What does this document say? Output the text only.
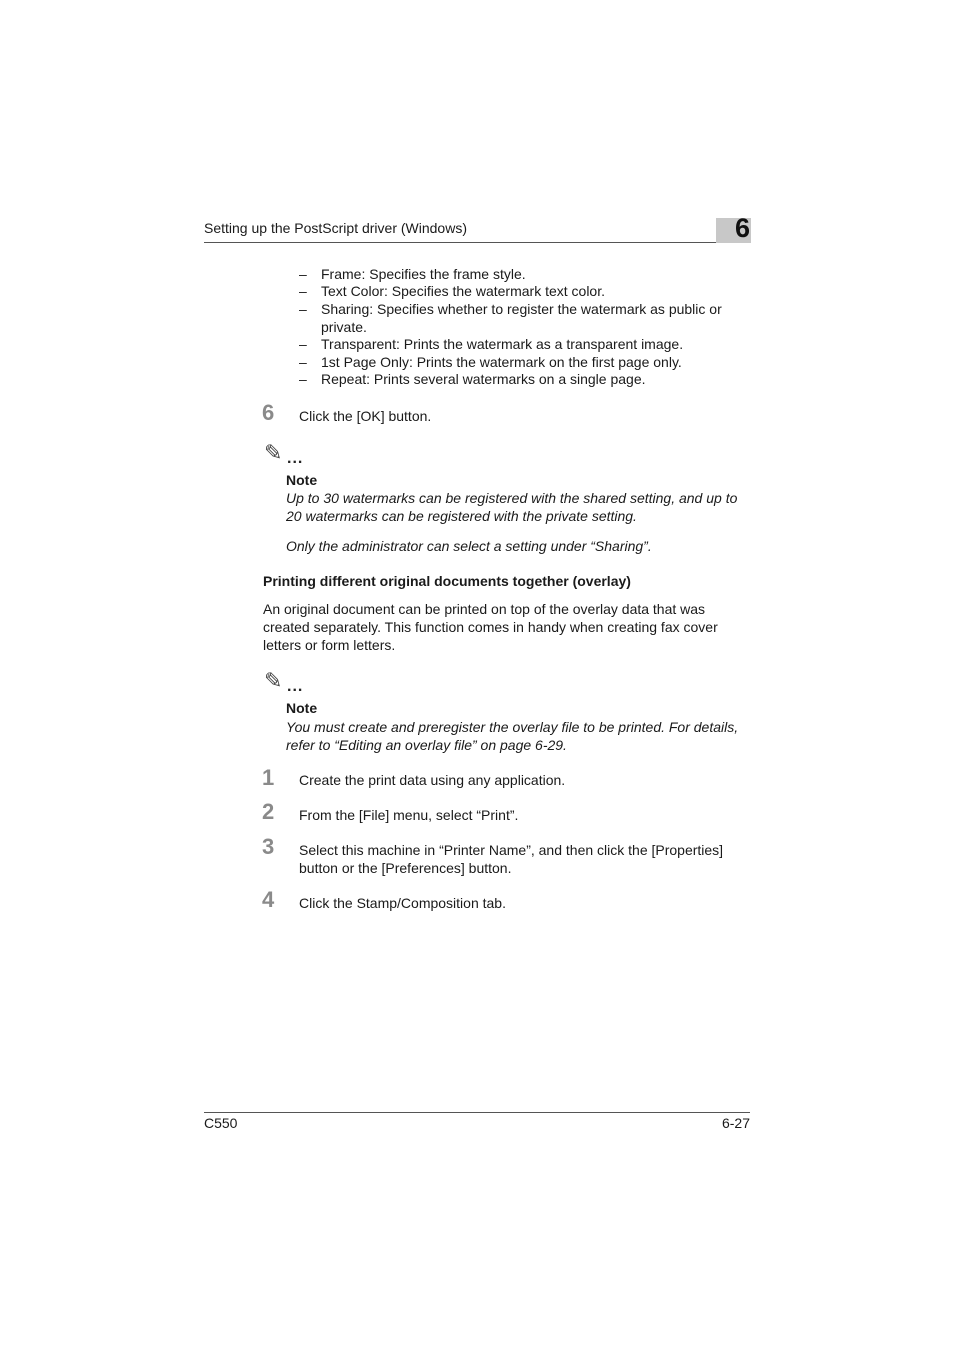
Setting up the PostScript driver (Windows)	6
– Frame: Specifies the frame style.
– Text Color: Specifies the watermark text color.
– Sharing: Specifies whether to register the watermark as public or private.
– Transparent: Prints the watermark as a transparent image.
– 1st Page Only: Prints the watermark on the first page only.
– Repeat: Prints several watermarks on a single page.
6 Click the [OK] button.
✎ ...
Note
Up to 30 watermarks can be registered with the shared setting, and up to 20 watermarks can be registered with the private setting.
Only the administrator can select a setting under “Sharing”.
Printing different original documents together (overlay)
An original document can be printed on top of the overlay data that was created separately. This function comes in handy when creating fax cover letters or form letters.
✎ ...
Note
You must create and preregister the overlay file to be printed. For details, refer to “Editing an overlay file” on page 6-29.
1 Create the print data using any application.
2 From the [File] menu, select “Print”.
3 Select this machine in “Printer Name”, and then click the [Properties] button or the [Preferences] button.
4 Click the Stamp/Composition tab.
C550	6-27
